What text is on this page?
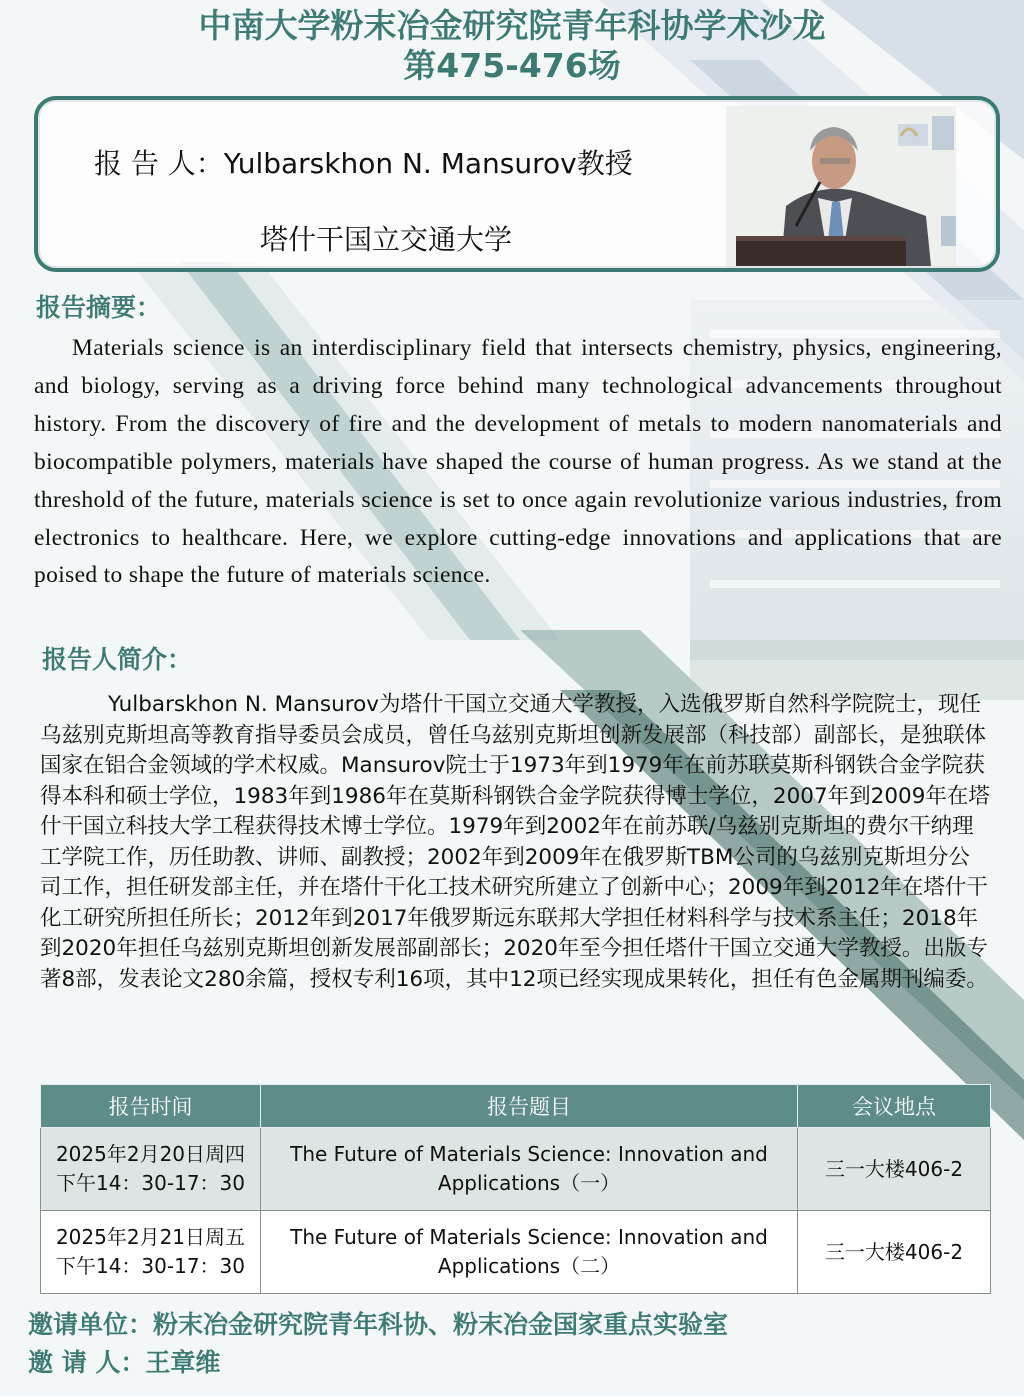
中南大学粉末冶金研究院青年科协学术沙龙
第475-476场
报 告 人：Yulbarskhon N. Mansurov教授
塔什干国立交通大学
报告摘要：
Materials science is an interdisciplinary field that intersects chemistry, physics, engineering, and biology, serving as a driving force behind many technological advancements throughout history. From the discovery of fire and the development of metals to modern nanomaterials and biocompatible polymers, materials have shaped the course of human progress. As we stand at the threshold of the future, materials science is set to once again revolutionize various industries, from electronics to healthcare. Here, we explore cutting-edge innovations and applications that are poised to shape the future of materials science.
报告人简介：
Yulbarskhon N. Mansurov为塔什干国立交通大学教授，入选俄罗斯自然科学院院士，现任乌兹别克斯坦高等教育指导委员会成员，曾任乌兹别克斯坦创新发展部（科技部）副部长，是独联体国家在铝合金领域的学术权威。Mansurov院士于1973年到1979年在前苏联莫斯科钢铁合金学院获得本科和硕士学位，1983年到1986年在莫斯科钢铁合金学院获得博士学位，2007年到2009年在塔什干国立科技大学工程获得技术博士学位。1979年到2002年在前苏联/乌兹别克斯坦的费尔干纳理工学院工作，历任助教、讲师、副教授；2002年到2009年在俄罗斯TBM公司的乌兹别克斯坦分公司工作，担任研发部主任，并在塔什干化工技术研究所建立了创新中心；2009年到2012年在塔什干化工研究所担任所长；2012年到2017年俄罗斯远东联邦大学担任材料科学与技术系主任；2018年到2020年担任乌兹别克斯坦创新发展部副部长；2020年至今担任塔什干国立交通大学教授。出版专著8部，发表论文280余篇，授权专利16项，其中12项已经实现成果转化，担任有色金属期刊编委。
报告时间	报告题目	会议地点

2025年2月20日周四
下午14：30-17：30	The Future of Materials Science: Innovation and Applications（一）	三一大楼406-2

2025年2月21日周五
下午14：30-17：30	The Future of Materials Science: Innovation and Applications（二）	三一大楼406-2
邀请单位：粉末冶金研究院青年科协、粉末冶金国家重点实验室
邀 请 人：王章维
